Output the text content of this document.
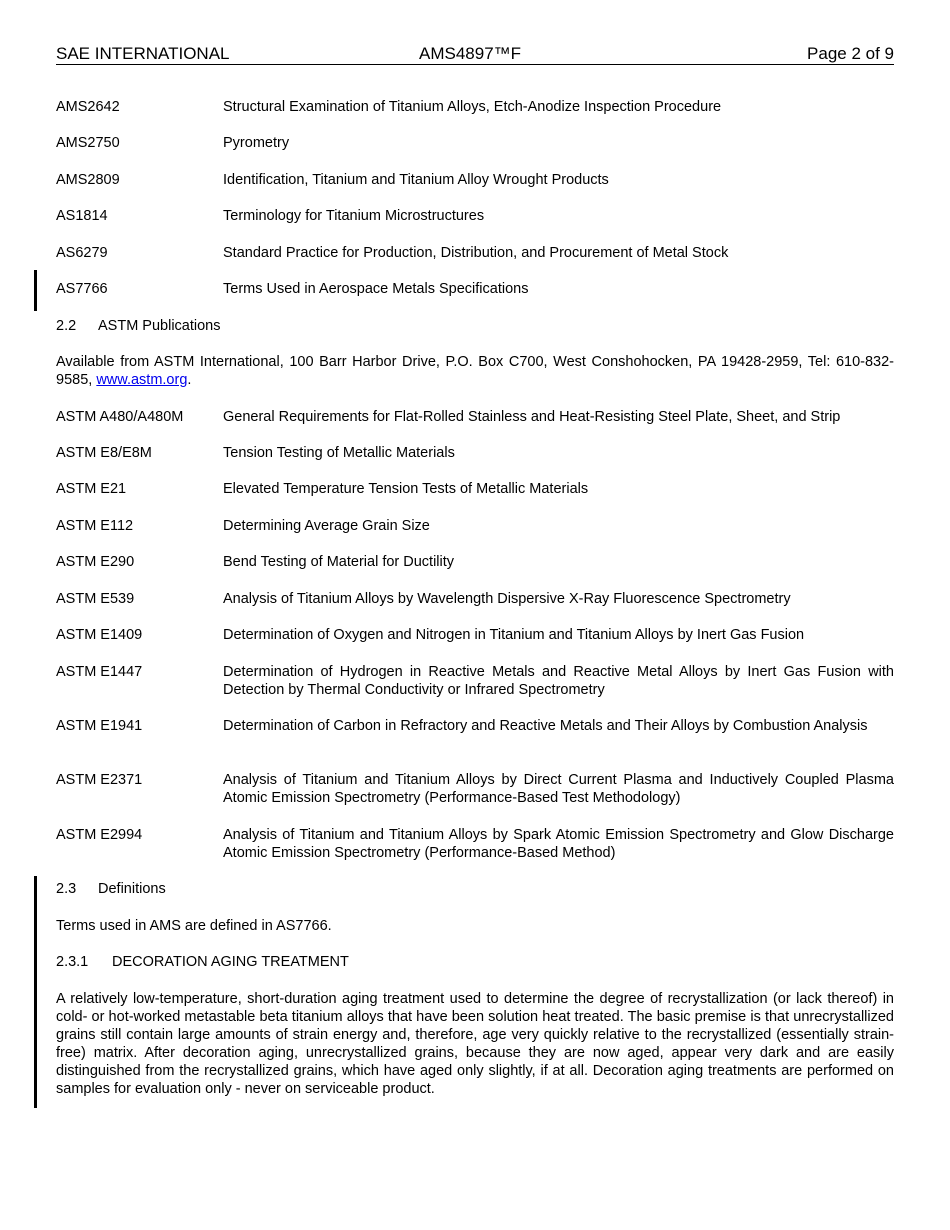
SAE INTERNATIONAL	AMS4897™F	Page 2 of 9
AMS2642	Structural Examination of Titanium Alloys, Etch-Anodize Inspection Procedure
AMS2750	Pyrometry
AMS2809	Identification, Titanium and Titanium Alloy Wrought Products
AS1814	Terminology for Titanium Microstructures
AS6279	Standard Practice for Production, Distribution, and Procurement of Metal Stock
AS7766	Terms Used in Aerospace Metals Specifications
2.2 ASTM Publications
Available from ASTM International, 100 Barr Harbor Drive, P.O. Box C700, West Conshohocken, PA 19428-2959, Tel: 610-832-9585, www.astm.org.
ASTM A480/A480M	General Requirements for Flat-Rolled Stainless and Heat-Resisting Steel Plate, Sheet, and Strip
ASTM E8/E8M	Tension Testing of Metallic Materials
ASTM E21	Elevated Temperature Tension Tests of Metallic Materials
ASTM E112	Determining Average Grain Size
ASTM E290	Bend Testing of Material for Ductility
ASTM E539	Analysis of Titanium Alloys by Wavelength Dispersive X-Ray Fluorescence Spectrometry
ASTM E1409	Determination of Oxygen and Nitrogen in Titanium and Titanium Alloys by Inert Gas Fusion
ASTM E1447	Determination of Hydrogen in Reactive Metals and Reactive Metal Alloys by Inert Gas Fusion with Detection by Thermal Conductivity or Infrared Spectrometry
ASTM E1941	Determination of Carbon in Refractory and Reactive Metals and Their Alloys by Combustion Analysis
ASTM E2371	Analysis of Titanium and Titanium Alloys by Direct Current Plasma and Inductively Coupled Plasma Atomic Emission Spectrometry (Performance-Based Test Methodology)
ASTM E2994	Analysis of Titanium and Titanium Alloys by Spark Atomic Emission Spectrometry and Glow Discharge Atomic Emission Spectrometry (Performance-Based Method)
2.3 Definitions
Terms used in AMS are defined in AS7766.
2.3.1 DECORATION AGING TREATMENT
A relatively low-temperature, short-duration aging treatment used to determine the degree of recrystallization (or lack thereof) in cold- or hot-worked metastable beta titanium alloys that have been solution heat treated. The basic premise is that unrecrystallized grains still contain large amounts of strain energy and, therefore, age very quickly relative to the recrystallized (essentially strain-free) matrix. After decoration aging, unrecrystallized grains, because they are now aged, appear very dark and are easily distinguished from the recrystallized grains, which have aged only slightly, if at all. Decoration aging treatments are performed on samples for evaluation only - never on serviceable product.
